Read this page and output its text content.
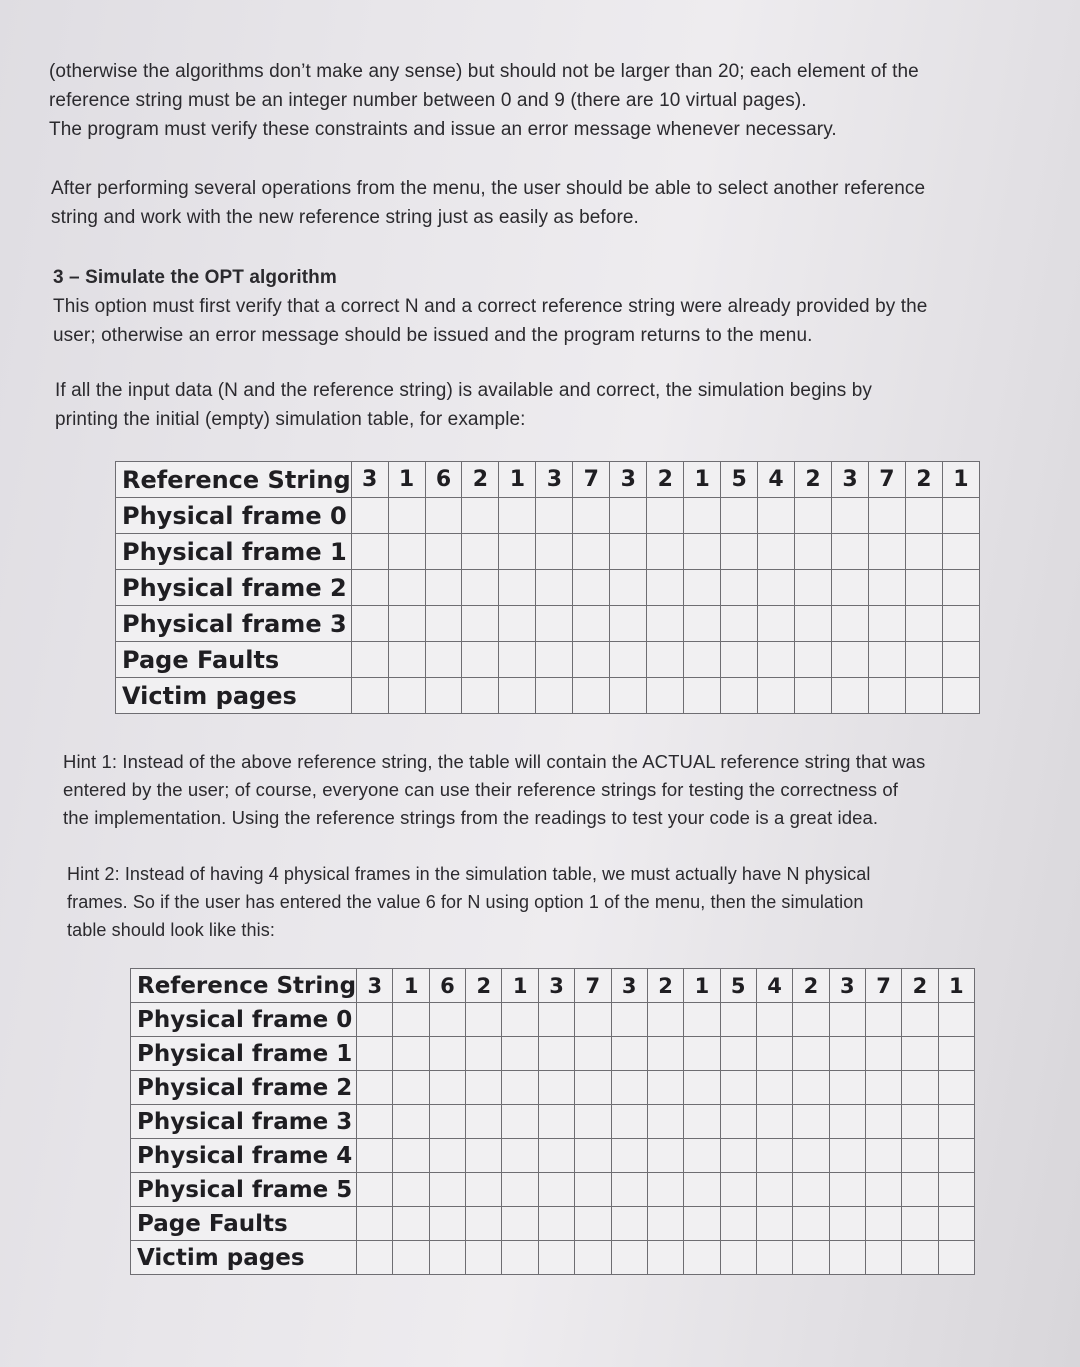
(otherwise the algorithms don’t make any sense) but should not be larger than 20; each element of the
reference string must be an integer number between 0 and 9 (there are 10 virtual pages).
The program must verify these constraints and issue an error message whenever necessary.
After performing several operations from the menu, the user should be able to select another reference
string and work with the new reference string just as easily as before.
3 – Simulate the OPT algorithm
This option must first verify that a correct N and a correct reference string were already provided by the
user; otherwise an error message should be issued and the program returns to the menu.
If all the input data (N and the reference string) is available and correct, the simulation begins by
printing the initial (empty) simulation table, for example:
Reference String	3	1	6	2	1	3	7	3	2	1	5	4	2	3	7	2	1
Physical frame 0																	
Physical frame 1																	
Physical frame 2																	
Physical frame 3																	
Page Faults																	
Victim pages																	
Hint 1: Instead of the above reference string, the table will contain the ACTUAL reference string that was
entered by the user; of course, everyone can use their reference strings for testing the correctness of
the implementation. Using the reference strings from the readings to test your code is a great idea.
Hint 2: Instead of having 4 physical frames in the simulation table, we must actually have N physical
frames. So if the user has entered the value 6 for N using option 1 of the menu, then the simulation
table should look like this:
Reference String	3	1	6	2	1	3	7	3	2	1	5	4	2	3	7	2	1
Physical frame 0																	
Physical frame 1																	
Physical frame 2																	
Physical frame 3																	
Physical frame 4																	
Physical frame 5																	
Page Faults																	
Victim pages																	
